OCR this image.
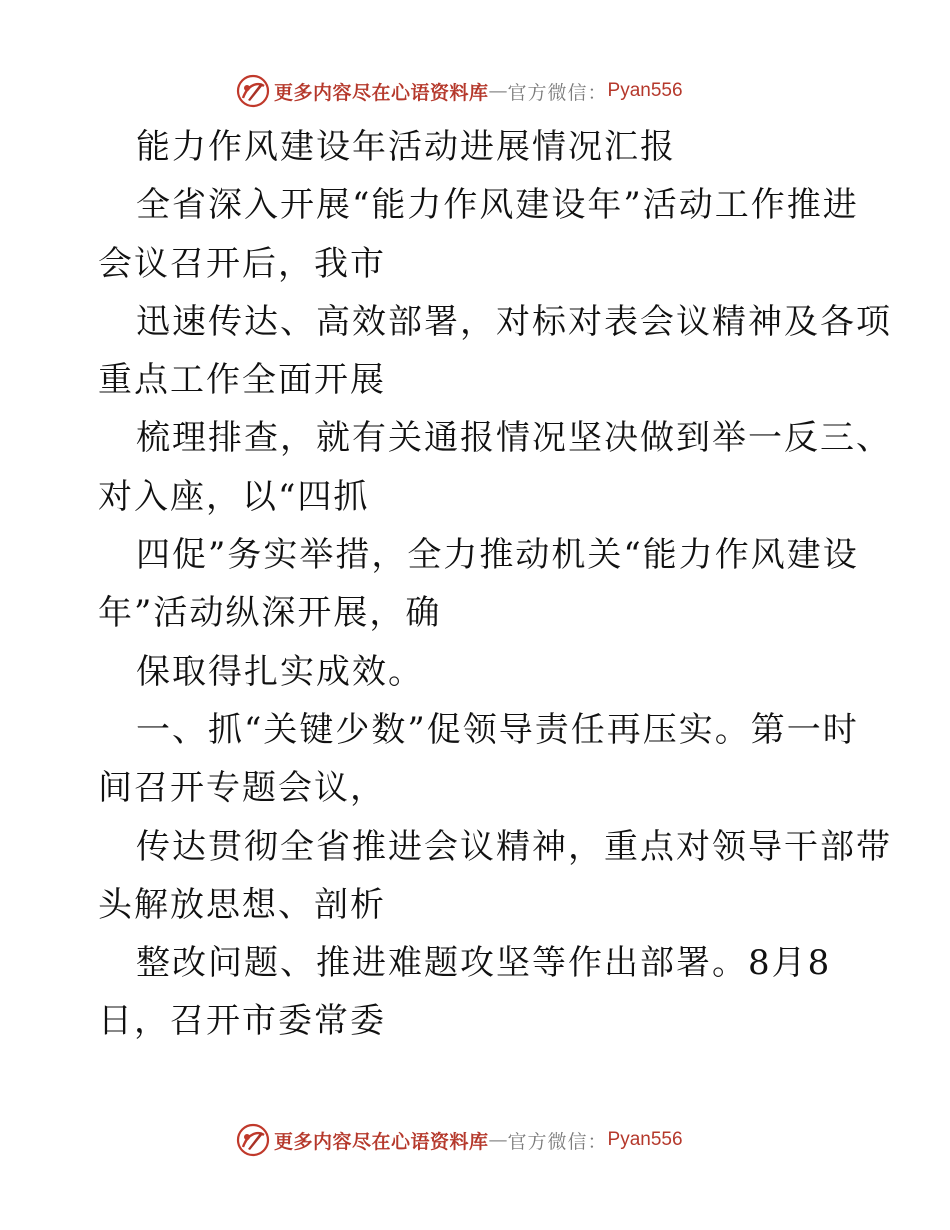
更多内容尽在心语资料库 — 官方微信： Pyan556
能力作风建设年活动进展情况汇报
全省深入开展“能力作风建设年”活动工作推进
会议召开后，我市
迅速传达、高效部署，对标对表会议精神及各项
重点工作全面开展
梳理排查，就有关通报情况坚决做到举一反三、
对入座，以“四抓
四促”务实举措，全力推动机关“能力作风建设
年”活动纵深开展，确
保取得扎实成效。
一、抓“关键少数”促领导责任再压实。第一时
间召开专题会议，
传达贯彻全省推进会议精神，重点对领导干部带
头解放思想、剖析
整改问题、推进难题攻坚等作出部署。8月8
日，召开市委常委
更多内容尽在心语资料库 — 官方微信： Pyan556
